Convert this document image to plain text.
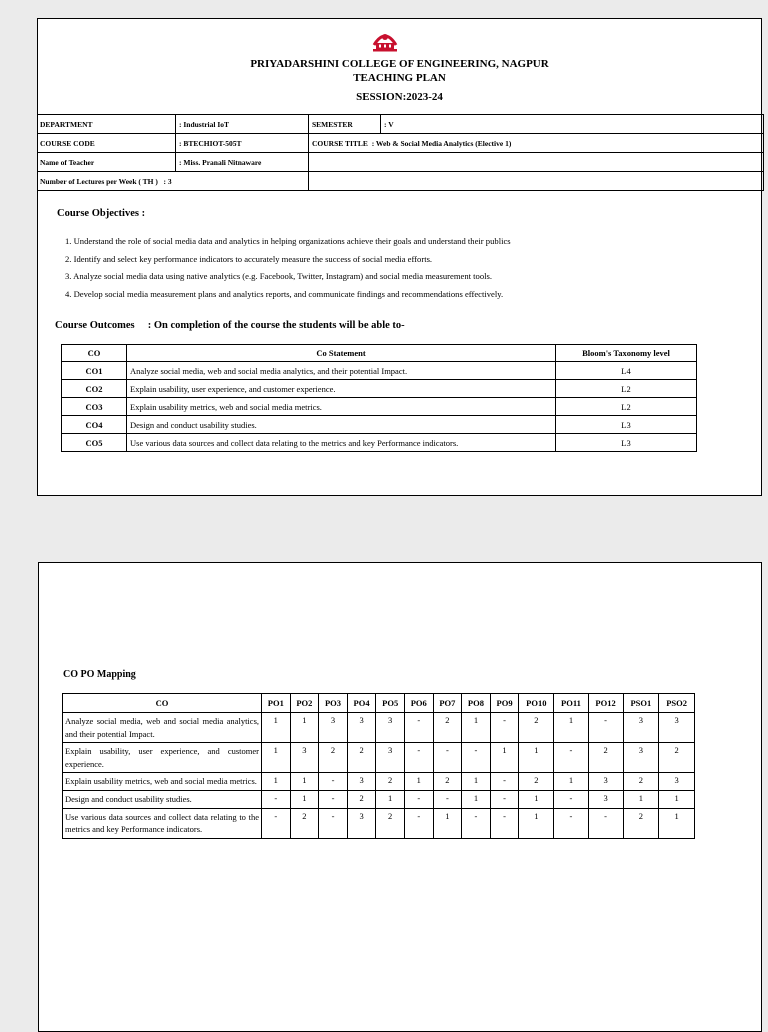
PRIYADARSHINI COLLEGE OF ENGINEERING, NAGPUR
TEACHING PLAN
SESSION:2023-24
DEPARTMENT	: Industrial IoT	SEMESTER	: V
COURSE CODE	: BTECHIOT-505T	COURSE TITLE : Web & Social Media Analytics (Elective 1)	
Name of Teacher	: Miss. Pranali Nitnaware		
Number of Lectures per Week ( TH ) : 3			
Course Objectives :
1. Understand the role of social media data and analytics in helping organizations achieve their goals and understand their publics
2. Identify and select key performance indicators to accurately measure the success of social media efforts.
3. Analyze social media data using native analytics (e.g. Facebook, Twitter, Instagram) and social media measurement tools.
4. Develop social media measurement plans and analytics reports, and communicate findings and recommendations effectively.
Course Outcomes     : On completion of the course the students will be able to-
CO	Co Statement	Bloom's Taxonomy level
CO1	Analyze social media, web and social media analytics, and their potential Impact.	L4
CO2	Explain usability, user experience, and customer experience.	L2
CO3	Explain usability metrics, web and social media metrics.	L2
CO4	Design and conduct usability studies.	L3
CO5	Use various data sources and collect data relating to the metrics and key Performance indicators.	L3
CO PO Mapping
CO	PO1	PO2	PO3	PO4	PO5	PO6	PO7	PO8	PO9	PO10	PO11	PO12	PSO1	PSO2
Analyze social media, web and social media analytics, and their potential Impact.	1	1	3	3	3	-	2	1	-	2	1	-	3	3
Explain usability, user experience, and customer experience.	1	3	2	2	3	-	-	-	1	1	-	2	3	2
Explain usability metrics, web and social media metrics.	1	1	-	3	2	1	2	1	-	2	1	3	2	3
Design and conduct usability studies.	-	1	-	2	1	-	-	1	-	1	-	3	1	1
Use various data sources and collect data relating to the metrics and key Performance indicators.	-	2	-	3	2	-	1	-	-	1	-	-	2	1
